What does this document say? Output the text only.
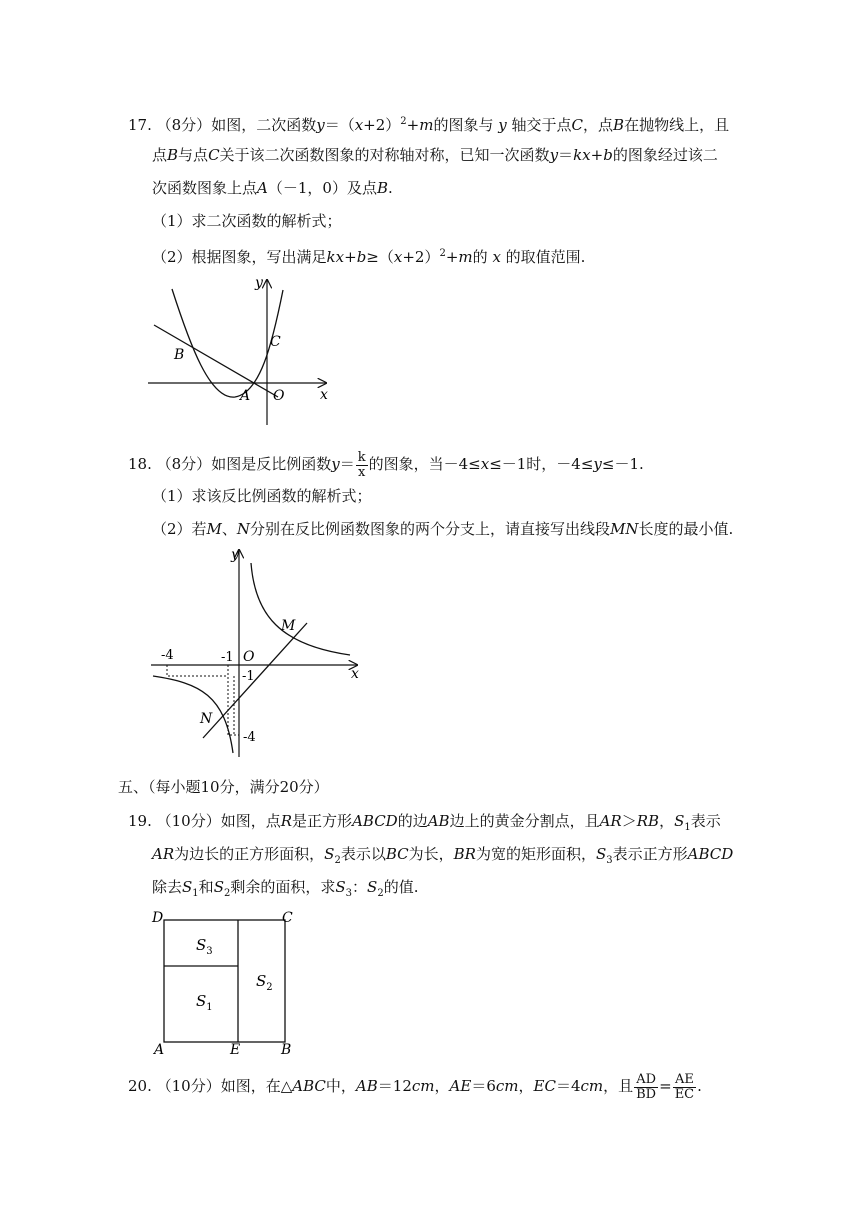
17. （8分）如图，二次函数$y=(x+2)^2+m$的图象与 y 轴交于点C，点B在抛物线上，且
点B与点C关于该二次函数图象的对称轴对称，已知一次函数y＝kx+b的图象经过该二
次函数图象上点A（－1，0）及点B.
（1）求二次函数的解析式；
（2）根据图象，写出满足$kx+b\ge(x+2)^2+m$的 x 的取值范围.
y
x
B
C
A O
18. （8分）如图是反比例函数$y= \frac{k}{x}$ 的图象，当－4≤x≤－1时，－4≤y≤－1.
（1）求该反比例函数的解析式；
（2）若M、N分别在反比例函数图象的两个分支上，请直接写出线段MN长度的最小值.
y
x
M
N
O
-4	-1
-1
-4
五、（每小题10分，满分20分）
19. （10分）如图，点R是正方形ABCD的边AB边上的黄金分割点，且AR＞RB，$S_1$表示
AR为边长的正方形面积，$S_2$表示以BC为长，BR为宽的矩形面积，$S_3$表示正方形ABCD
除去$S_1$和$S_2$剩余的面积，求$S_3$：$S_2$的值.
D	C
A	E	B
$S_3$
$S_1$
$S_2$
20. （10分）如图，在△ABC中，AB＝12cm，AE＝6cm，EC＝4cm，且 $\frac{AD}{BD} = \frac{AE}{EC}$ .
